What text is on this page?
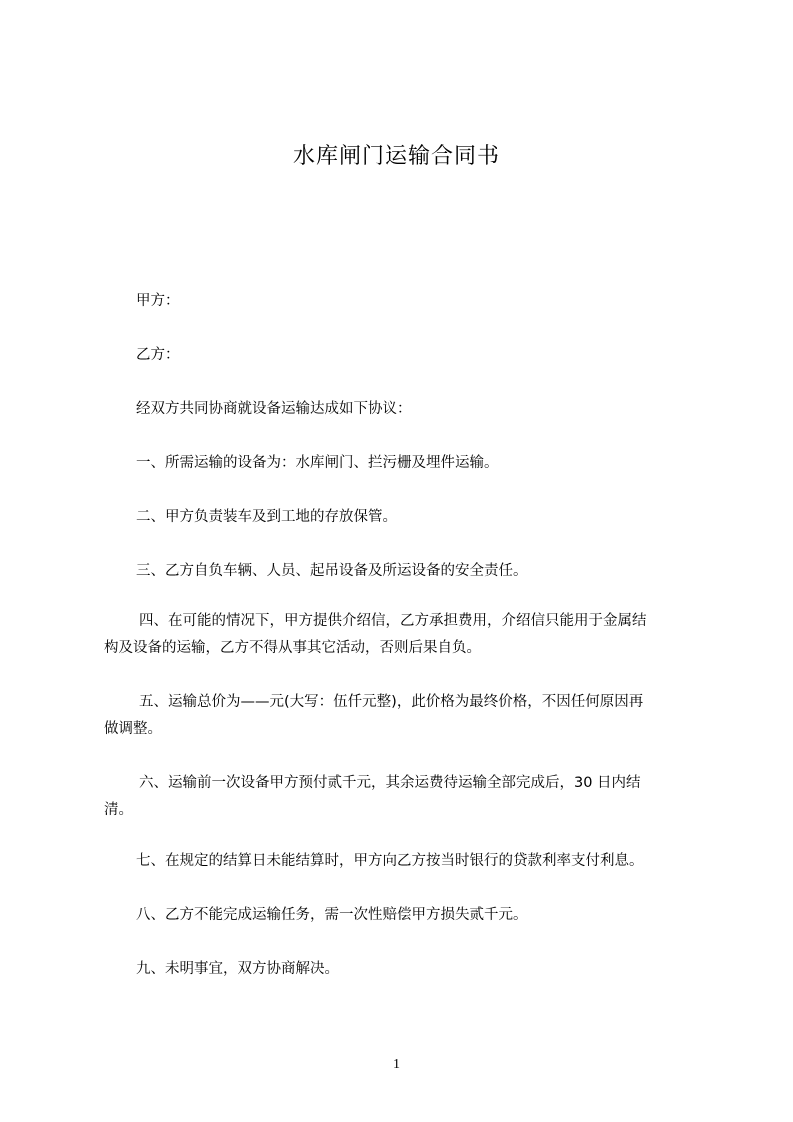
水库闸门运输合同书
甲方：
乙方：
经双方共同协商就设备运输达成如下协议：
一、所需运输的设备为：水库闸门、拦污栅及埋件运输。
二、甲方负责装车及到工地的存放保管。
三、乙方自负车辆、人员、起吊设备及所运设备的安全责任。
四、在可能的情况下，甲方提供介绍信，乙方承担费用，介绍信只能用于金属结
构及设备的运输，乙方不得从事其它活动，否则后果自负。
五、运输总价为——元(大写：伍仟元整)，此价格为最终价格，不因任何原因再
做调整。
六、运输前一次设备甲方预付贰千元，其余运费待运输全部完成后，30 日内结
清。
七、在规定的结算日未能结算时，甲方向乙方按当时银行的贷款利率支付利息。
八、乙方不能完成运输任务，需一次性赔偿甲方损失贰千元。
九、未明事宜，双方协商解决。
1
